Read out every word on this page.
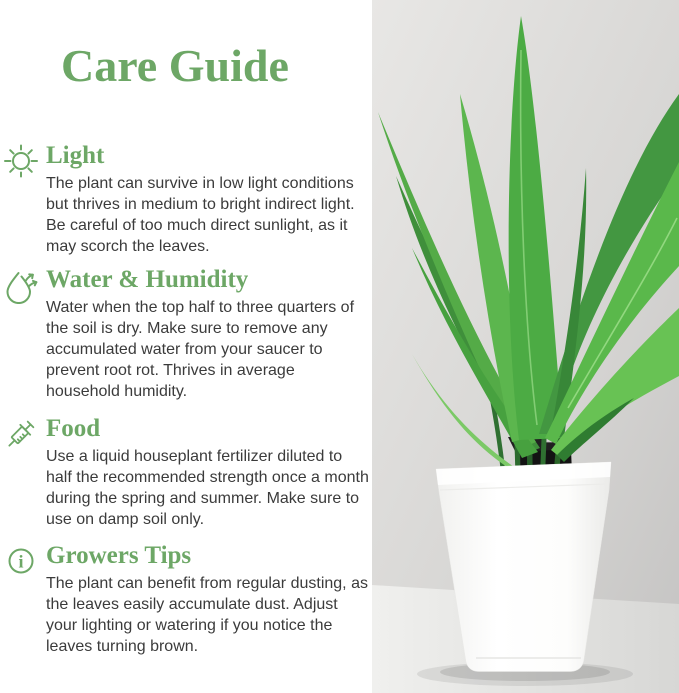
Care Guide
Light

The plant can survive in low light conditions but thrives in medium to bright indirect light. Be careful of too much direct sunlight, as it may scorch the leaves.

Water & Humidity

Water when the top half to three quarters of the soil is dry. Make sure to remove any accumulated water from your saucer to prevent root rot. Thrives in average household humidity.

Food

Use a liquid houseplant fertilizer diluted to half the recommended strength once a month during the spring and summer. Make sure to use on damp soil only.

i Growers Tips

The plant can benefit from regular dusting, as the leaves easily accumulate dust. Adjust your lighting or watering if you notice the leaves turning brown.
